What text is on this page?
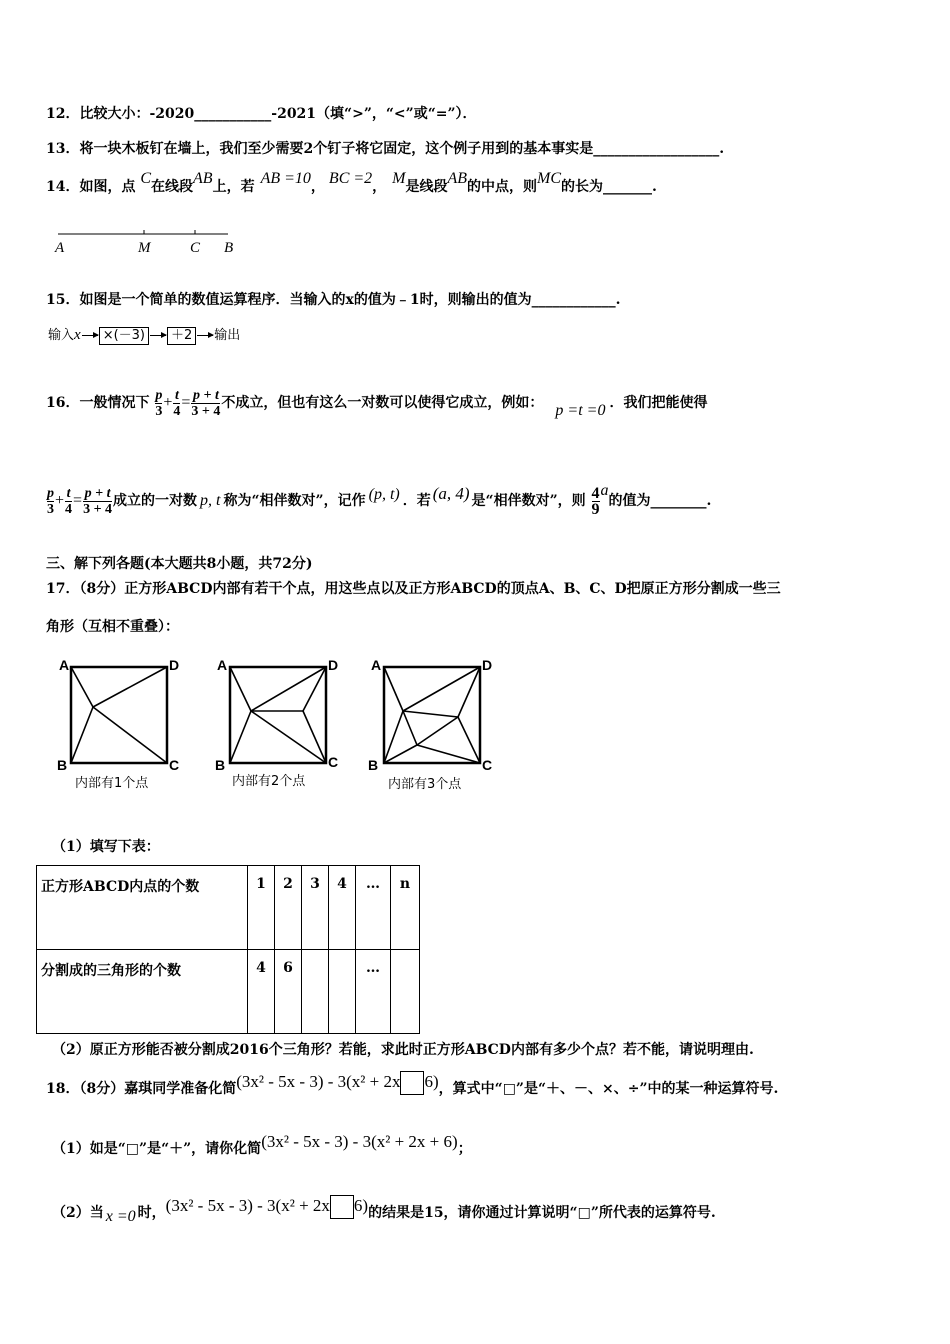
12．比较大小：-2020___________-2021（填“>”，“<”或“=”）．
13．将一块木板钉在墙上，我们至少需要2个钉子将它固定，这个例子用到的基本事实是__________________.
14．如图，点 C在线段AB上，若 AB =10， BC =2， M是线段AB的中点，则MC的长为_______.
A	M	C B
15．如图是一个简单的数值运算程序．当输入的x的值为﹣1时，则输出的值为____________.
输入x ×(－3) ＋2 输出
16．一般情况下 $\frac{p}{3} + \frac{t}{4} = \frac{p + t}{3 + 4}$ 不成立，但也有这么一对数可以使得它成立，例如： p =t =0 ．我们把能使得
$\frac{p}{3} + \frac{t}{4} = \frac{p + t}{3 + 4}$ 成立的一对数 p, t 称为“相伴数对”，记作 (p, t) ．若 (a, 4) 是“相伴数对”，则 $\frac{4}{9}$ a的值为________.
三、解下列各题(本大题共8小题，共72分)
17．（8分）正方形ABCD内部有若干个点，用这些点以及正方形ABCD的顶点A、B、C、D把原正方形分割成一些三
角形（互相不重叠）：
A	D
B	C
内部有1个点
A	D
B	C
内部有2个点
A	D
B	C
内部有3个点
（1）填写下表：
正方形ABCD内点的个数	1	2	3	4	…	n
分割成的三角形的个数	4	6			…	
（2）原正方形能否被分割成2016个三角形？若能，求此时正方形ABCD内部有多少个点？若不能，请说明理由.
18．（8分）嘉琪同学准备化简(3x² - 5x - 3) - 3(x² + 2x 6)，算式中“□”是“＋、－、×、÷”中的某一种运算符号.
（1）如是“□”是“＋”，请你化简(3x² - 5x - 3) - 3(x² + 2x + 6)；
（2）当 x =0 时，(3x² - 5x - 3) - 3(x² + 2x 6)的结果是15，请你通过计算说明“□”所代表的运算符号.
